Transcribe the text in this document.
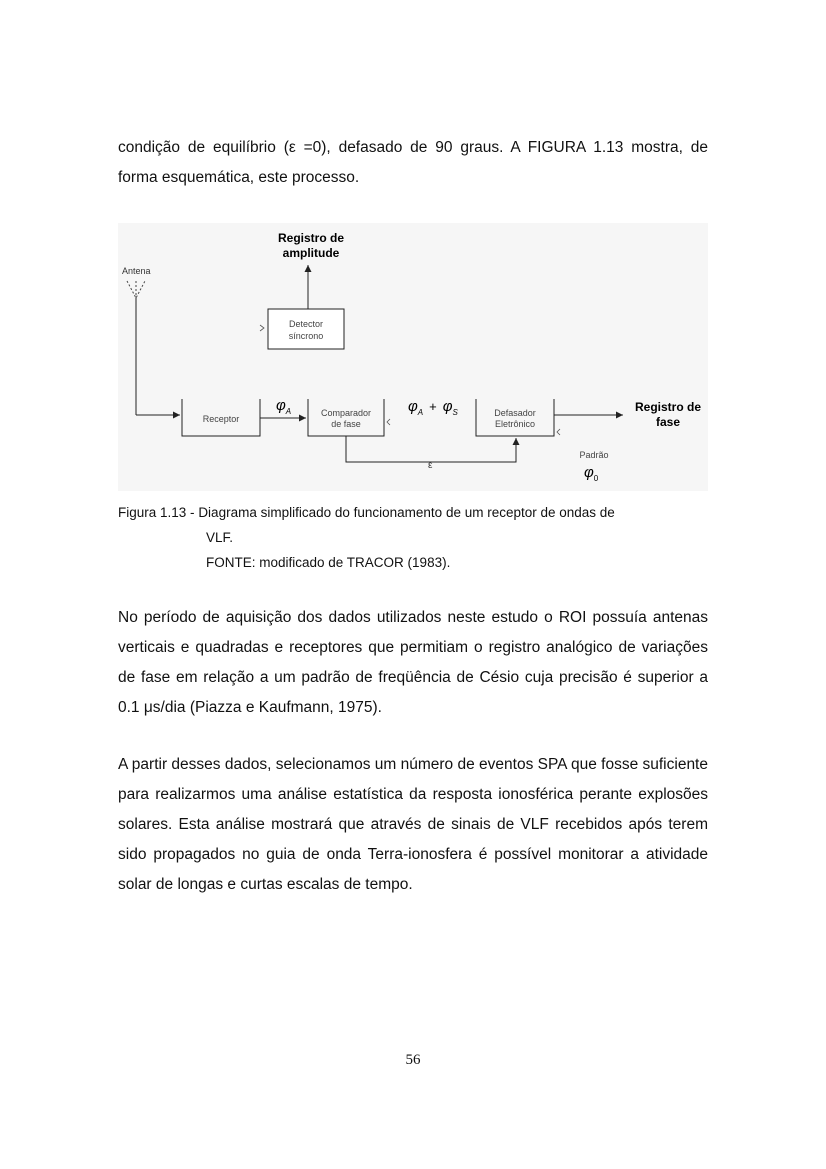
condição de equilíbrio (ε =0), defasado de 90 graus. A FIGURA 1.13 mostra, de
forma esquemática, este processo.
Antena
Registro de
amplitude
Detector
síncrono
Receptor
$\varphi_A$	Comparador
de fase
$\varphi_A + \varphi_S$	Defasador
Eletrônico
Registro de
fase
ε
Padrão
$\varphi_0$
Figura 1.13 - Diagrama simplificado do funcionamento de um receptor de ondas de
VLF.
FONTE: modificado de TRACOR (1983).
No período de aquisição dos dados utilizados neste estudo o ROI possuía antenas verticais e quadradas e receptores que permitiam o registro analógico de variações de fase em relação a um padrão de freqüência de Césio cuja precisão é superior a 0.1 μs/dia (Piazza e Kaufmann, 1975).
A partir desses dados, selecionamos um número de eventos SPA que fosse suficiente para realizarmos uma análise estatística da resposta ionosférica perante explosões solares. Esta análise mostrará que através de sinais de VLF recebidos após terem sido propagados no guia de onda Terra-ionosfera é possível monitorar a atividade solar de longas e curtas escalas de tempo.
56
